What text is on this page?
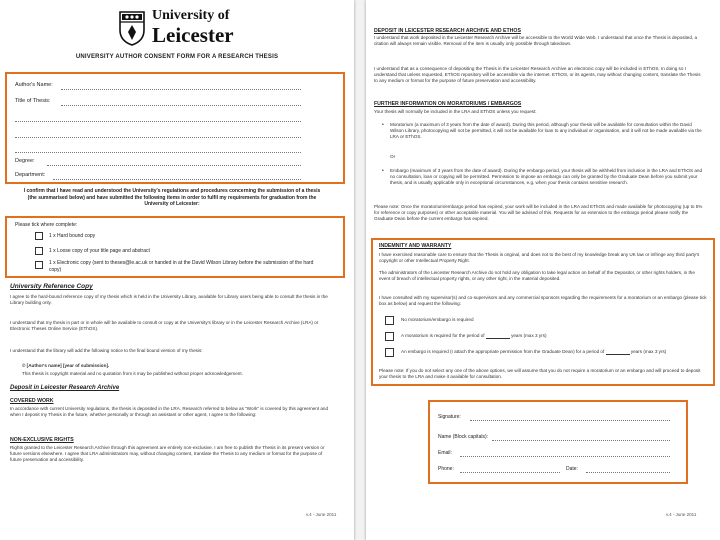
University of
Leicester
UNIVERSITY AUTHOR CONSENT FORM FOR A RESEARCH THESIS
Author's Name:
Title of Thesis:
Degree:
Department:
I confirm that I have read and understood the University's regulations and procedures concerning the submission of a thesis (the summarised below) and have submitted the following items in order to fulfil my requirements for graduation from the University of Leicester:
Please tick where complete:
1 x Hard bound copy
1 x Loose copy of your title page and abstract
1 x Electronic copy (sent to theses@le.ac.uk or handed in at the David Wilson Library before the submission of the hard copy)
University Reference Copy
I agree to the hard-bound reference copy of my thesis which is held in the University Library, available for Library users being able to consult the thesis in the Library building only.
I understand that my thesis in part or in whole will be available to consult or copy at the University's library or in the Leicester Research Archive (LRA) or Electronic Theses Online Service (EThOS).
I understand that the library will add the following notice to the final bound version of my thesis:
© [Author's name] [year of submission].
This thesis is copyright material and no quotation from it may be published without proper acknowledgement.
Deposit in Leicester Research Archive
COVERED WORK
In accordance with current University regulations, the thesis is deposited in the LRA. Research referred to below as "Work" is covered by this agreement and when I deposit my Thesis in the future, whether personally or through an assistant or other agent, I agree to the following:
NON-EXCLUSIVE RIGHTS
Rights granted to the Leicester Research Archive through this agreement are entirely non-exclusive. I am free to publish the Thesis in its present version or future versions elsewhere. I agree that LRA administrators may, without changing content, translate the Thesis to any medium or format for the purpose of future preservation and accessibility.
v.4 - June 2011
DEPOSIT IN LEICESTER RESEARCH ARCHIVE AND ETHOS
I understand that work deposited in the Leicester Research Archive will be accessible to the World Wide Web. I understand that once the Thesis is deposited, a citation will always remain visible. Removal of the item is usually only possible through takedown.
I understand that as a consequence of depositing the Thesis in the Leicester Research Archive an electronic copy will be included in EThOS. In doing so I understand that unless requested, EThOS repository will be accessible via the internet. EThOS, or its agents, may without changing content, translate the Thesis to any medium or format for the purpose of future preservation and accessibility.
FURTHER INFORMATION ON MORATORIUMS / EMBARGOS
Your thesis will normally be included in the LRA and EThOS unless you request:
• Moratorium (a maximum of 3 years from the date of award). During this period, although your thesis will be available for consultation within the David Wilson Library, photocopying will not be permitted, it will not be available for loan to any individual or organisation, and it will not be made available via the LRA or EThOS.
Or
• Embargo (maximum of 3 years from the date of award). During the embargo period, your thesis will be withheld from inclusion in the LRA and EThOS and no consultation, loan or copying will be permitted. Permission to impose an embargo can only be granted by the Graduate Dean before you submit your thesis, and is usually applicable only in exceptional circumstances, e.g. when your thesis contains sensitive research.
Please note: Once the moratorium/embargo period has expired, your work will be included in the LRA and EThOS and made available for photocopying (up to 5% for reference or copy purposes) or other acceptable material. You will be advised of this. Requests for an extension to the embargo period please notify the Graduate Dean before the current embargo has expired.
INDEMNITY AND WARRANTY
I have exercised reasonable care to ensure that the Thesis is original, and does not to the best of my knowledge break any UK law or infringe any third party's copyright or other Intellectual Property Right.
The administrators of the Leicester Research Archive do not hold any obligation to take legal action on behalf of the Depositor, or other rights holders, in the event of breach of intellectual property rights, or any other right, in the material deposited.
I have consulted with my supervisor(s) and co-supervisors and any commercial sponsors regarding the requirements for a moratorium or an embargo (please tick box as below) and request the following:
No moratorium/embargo is required
A moratorium is required for the period of	years (max 3 yrs)
An embargo is required (I attach the appropriate permission from the Graduate Dean) for a period of	years (max 3 yrs)
Please note: If you do not select any one of the above options, we will assume that you do not require a moratorium or an embargo and will proceed to deposit your thesis to the LRA and make it available for consultation.
Signature:
Name (Block capitals):
Email:
Phone:	Date:
v.4 - June 2011
